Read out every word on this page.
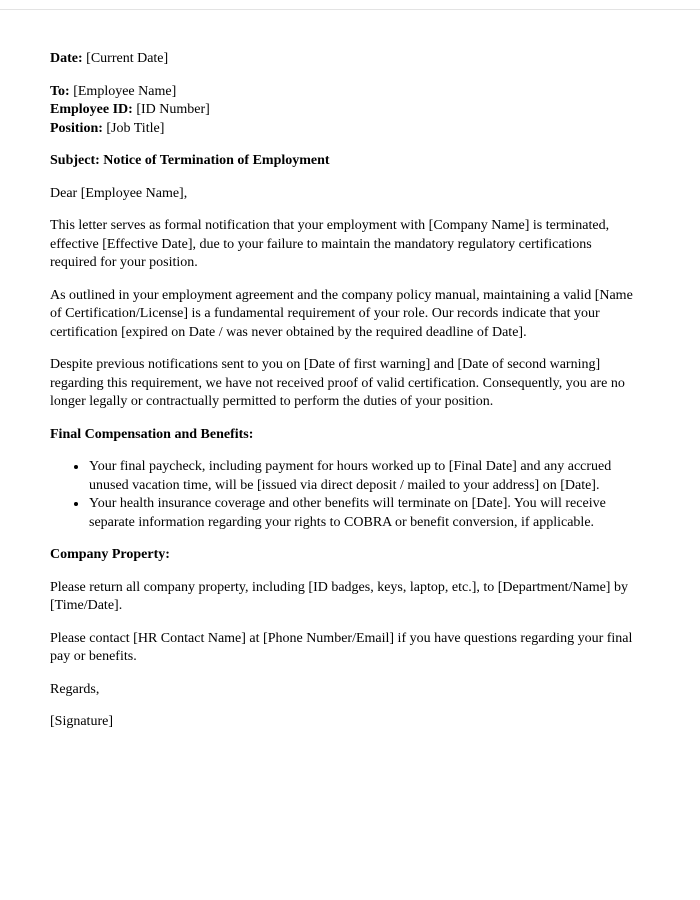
Date: [Current Date]

To: [Employee Name]
Employee ID: [ID Number]
Position: [Job Title]

Subject: Notice of Termination of Employment

Dear [Employee Name],

This letter serves as formal notification that your employment with [Company Name] is terminated, effective [Effective Date], due to your failure to maintain the mandatory regulatory certifications required for your position.

As outlined in your employment agreement and the company policy manual, maintaining a valid [Name of Certification/License] is a fundamental requirement of your role. Our records indicate that your certification [expired on Date / was never obtained by the required deadline of Date].

Despite previous notifications sent to you on [Date of first warning] and [Date of second warning] regarding this requirement, we have not received proof of valid certification. Consequently, you are no longer legally or contractually permitted to perform the duties of your position.

Final Compensation and Benefits:

• Your final paycheck, including payment for hours worked up to [Final Date] and any accrued unused vacation time, will be [issued via direct deposit / mailed to your address] on [Date].
• Your health insurance coverage and other benefits will terminate on [Date]. You will receive separate information regarding your rights to COBRA or benefit conversion, if applicable.

Company Property:

Please return all company property, including [ID badges, keys, laptop, etc.], to [Department/Name] by [Time/Date].

Please contact [HR Contact Name] at [Phone Number/Email] if you have questions regarding your final pay or benefits.

Regards,

[Signature]
